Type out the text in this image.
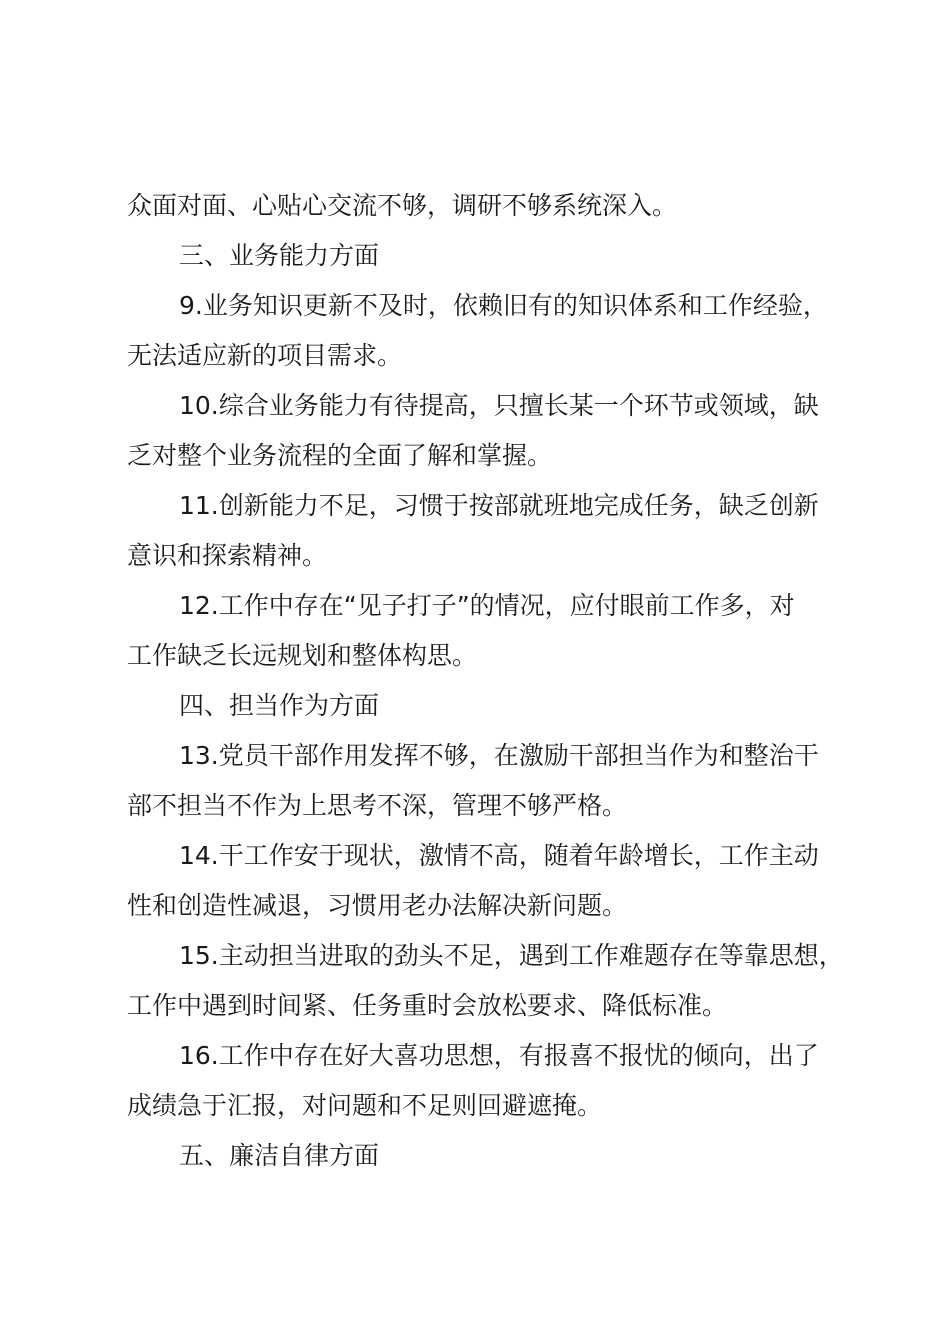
众面对面、心贴心交流不够，调研不够系统深入。
三、业务能力方面
9.业务知识更新不及时，依赖旧有的知识体系和工作经验，
无法适应新的项目需求。
10.综合业务能力有待提高，只擅长某一个环节或领域，缺
乏对整个业务流程的全面了解和掌握。
11.创新能力不足，习惯于按部就班地完成任务，缺乏创新
意识和探索精神。
12.工作中存在“见子打子”的情况，应付眼前工作多，对
工作缺乏长远规划和整体构思。
四、担当作为方面
13.党员干部作用发挥不够，在激励干部担当作为和整治干
部不担当不作为上思考不深，管理不够严格。
14.干工作安于现状，激情不高，随着年龄增长，工作主动
性和创造性减退，习惯用老办法解决新问题。
15.主动担当进取的劲头不足，遇到工作难题存在等靠思想，
工作中遇到时间紧、任务重时会放松要求、降低标准。
16.工作中存在好大喜功思想，有报喜不报忧的倾向，出了
成绩急于汇报，对问题和不足则回避遮掩。
五、廉洁自律方面
